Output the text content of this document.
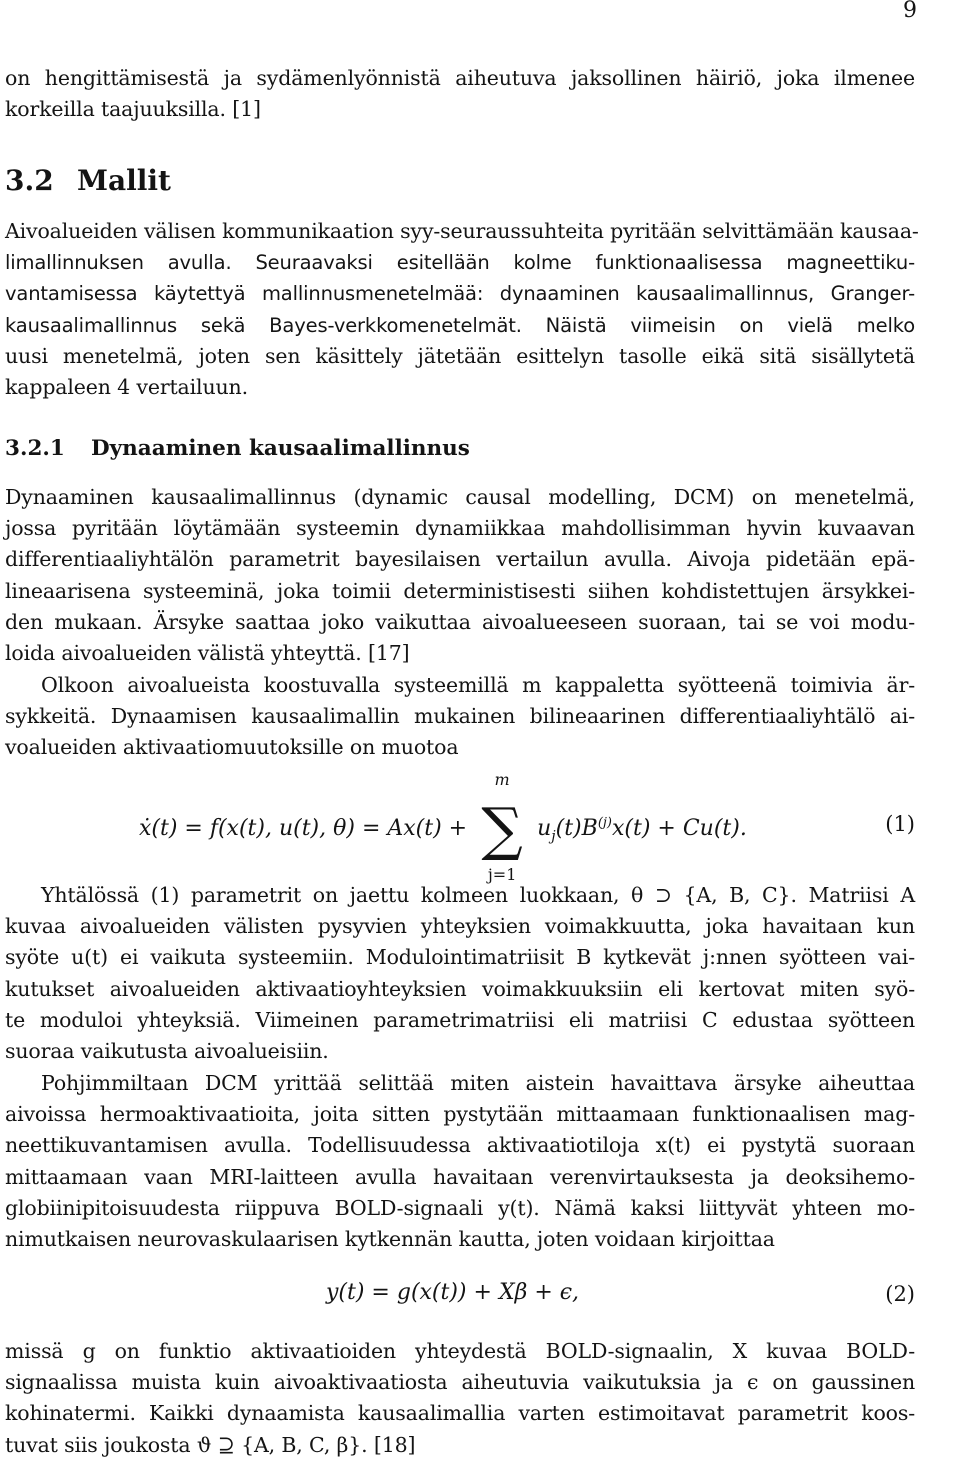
9
on hengittämisestä ja sydämenlyönnistä aiheutuva jaksollinen häiriö, joka ilmenee
korkeilla taajuuksilla. [1]
3.2 Mallit
Aivoalueiden välisen kommunikaation syy-seuraussuhteita pyritään selvittämään kausaa-
limallinnuksen avulla. Seuraavaksi esitellään kolme funktionaalisessa magneettiku-
vantamisessa käytettyä mallinnusmenetelmää: dynaaminen kausaalimallinnus, Granger-
kausaalimallinnus sekä Bayes-verkkomenetelmät. Näistä viimeisin on vielä melko
uusi menetelmä, joten sen käsittely jätetään esittelyn tasolle eikä sitä sisällytetä
kappaleen 4 vertailuun.
3.2.1 Dynaaminen kausaalimallinnus
Dynaaminen kausaalimallinnus (dynamic causal modelling, DCM) on menetelmä,
jossa pyritään löytämään systeemin dynamiikkaa mahdollisimman hyvin kuvaavan
differentiaaliyhtälön parametrit bayesilaisen vertailun avulla. Aivoja pidetään epä-
lineaarisena systeeminä, joka toimii deterministisesti siihen kohdistettujen ärsykkei-
den mukaan. Ärsyke saattaa joko vaikuttaa aivoalueeseen suoraan, tai se voi modu-
loida aivoalueiden välistä yhteyttä. [17]
Olkoon aivoalueista koostuvalla systeemillä m kappaletta syötteenä toimivia är-
sykkeitä. Dynaamisen kausaalimallin mukainen bilineaarinen differentiaaliyhtälö ai-
voalueiden aktivaatiomuutoksille on muotoa
ẋ(t) = f(x(t), u(t), θ) = Ax(t) +
m
∑
j=1
$u_j(t)B^{(j)}x(t) + Cu(t)$.	(1)
Yhtälössä (1) parametrit on jaettu kolmeen luokkaan, θ ⊃ {A, B, C}. Matriisi A
kuvaa aivoalueiden välisten pysyvien yhteyksien voimakkuutta, joka havaitaan kun
syöte u(t) ei vaikuta systeemiin. Modulointimatriisit B kytkevät j:nnen syötteen vai-
kutukset aivoalueiden aktivaatioyhteyksien voimakkuuksiin eli kertovat miten syö-
te moduloi yhteyksiä. Viimeinen parametrimatriisi eli matriisi C edustaa syötteen
suoraa vaikutusta aivoalueisiin.
Pohjimmiltaan DCM yrittää selittää miten aistein havaittava ärsyke aiheuttaa
aivoissa hermoaktivaatioita, joita sitten pystytään mittaamaan funktionaalisen mag-
neettikuvantamisen avulla. Todellisuudessa aktivaatiotiloja x(t) ei pystytä suoraan
mittaamaan vaan MRI-laitteen avulla havaitaan verenvirtauksesta ja deoksihemo-
globiinipitoisuudesta riippuva BOLD-signaali y(t). Nämä kaksi liittyvät yhteen mo-
nimutkaisen neurovaskulaarisen kytkennän kautta, joten voidaan kirjoittaa
y(t) = g(x(t)) + Xβ + ϵ,	(2)
missä g on funktio aktivaatioiden yhteydestä BOLD-signaalin, X kuvaa BOLD-
signaalissa muista kuin aivoaktivaatiosta aiheutuvia vaikutuksia ja ϵ on gaussinen
kohinatermi. Kaikki dynaamista kausaalimallia varten estimoitavat parametrit koos-
tuvat siis joukosta ϑ ⊇ {A, B, C, β}. [18]
